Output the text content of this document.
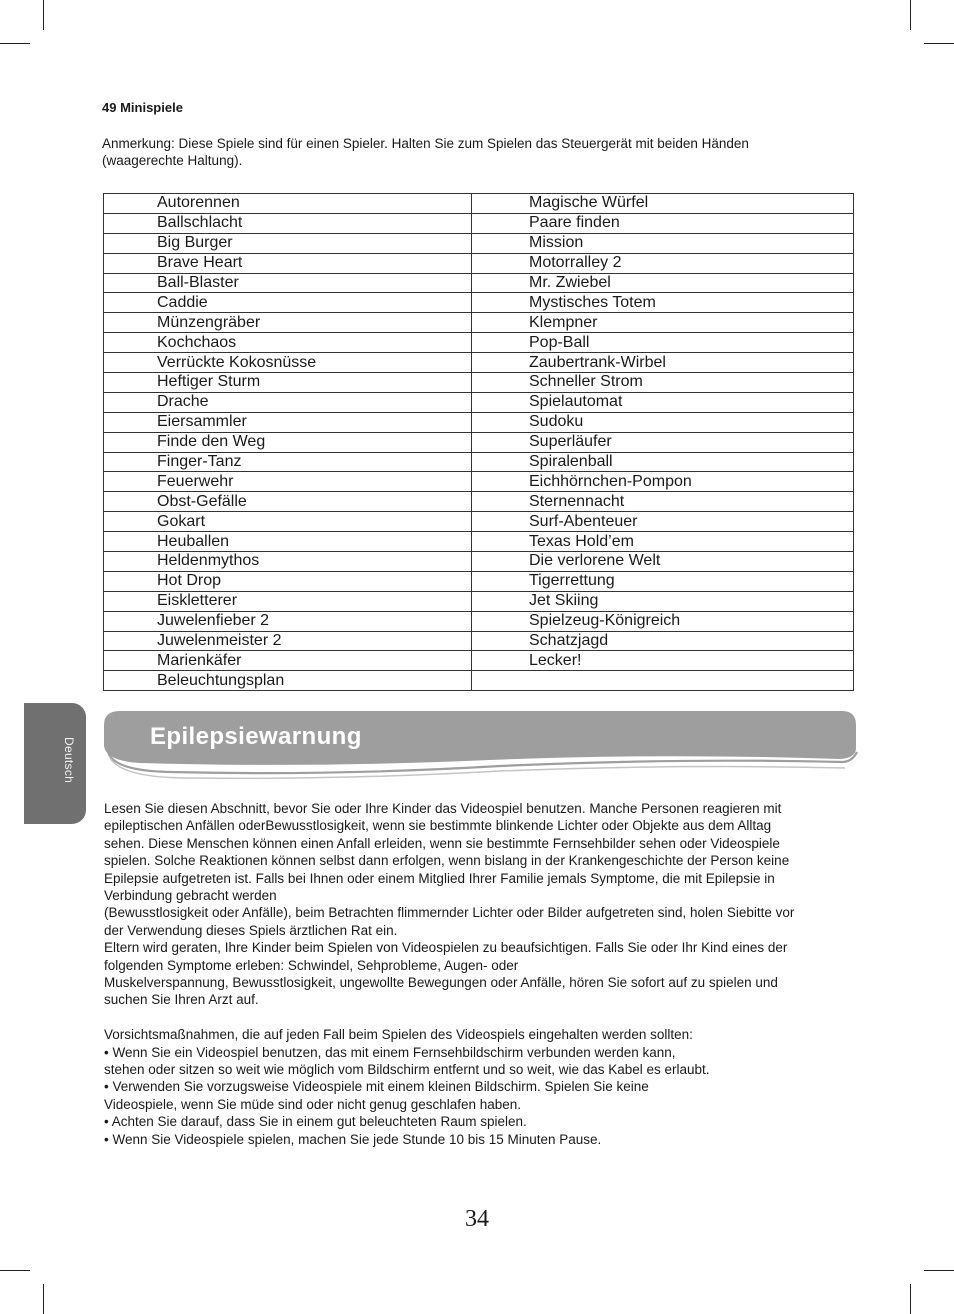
49 Minispiele
Anmerkung: Diese Spiele sind für einen Spieler. Halten Sie zum Spielen das Steuergerät mit beiden Händen (waagerechte Haltung).
Autorennen	Magische Würfel
Ballschlacht	Paare finden
Big Burger	Mission
Brave Heart	Motorralley 2
Ball-Blaster	Mr. Zwiebel
Caddie	Mystisches Totem
Münzengräber	Klempner
Kochchaos	Pop-Ball
Verrückte Kokosnüsse	Zaubertrank-Wirbel
Heftiger Sturm	Schneller Strom
Drache	Spielautomat
Eiersammler	Sudoku
Finde den Weg	Superläufer
Finger-Tanz	Spiralenball
Feuerwehr	Eichhörnchen-Pompon
Obst-Gefälle	Sternennacht
Gokart	Surf-Abenteuer
Heuballen	Texas Hold’em
Heldenmythos	Die verlorene Welt
Hot Drop	Tigerrettung
Eiskletterer	Jet Skiing
Juwelenfieber 2	Spielzeug-Königreich
Juwelenmeister 2	Schatzjagd
Marienkäfer	Lecker!
Beleuchtungsplan	
Deutsch
Epilepsiewarnung

Lesen Sie diesen Abschnitt, bevor Sie oder Ihre Kinder das Videospiel benutzen. Manche Personen reagieren mit

epileptischen Anfällen oderBewusstlosigkeit, wenn sie bestimmte blinkende Lichter oder Objekte aus dem Alltag

sehen. Diese Menschen können einen Anfall erleiden, wenn sie bestimmte Fernsehbilder sehen oder Videospiele

spielen. Solche Reaktionen können selbst dann erfolgen, wenn bislang in der Krankengeschichte der Person keine

Epilepsie aufgetreten ist. Falls bei Ihnen oder einem Mitglied Ihrer Familie jemals Symptome, die mit Epilepsie in

Verbindung gebracht werden

(Bewusstlosigkeit oder Anfälle), beim Betrachten flimmernder Lichter oder Bilder aufgetreten sind, holen Siebitte vor

der Verwendung dieses Spiels ärztlichen Rat ein.

Eltern wird geraten, Ihre Kinder beim Spielen von Videospielen zu beaufsichtigen. Falls Sie oder Ihr Kind eines der

folgenden Symptome erleben: Schwindel, Sehprobleme, Augen- oder

Muskelverspannung, Bewusstlosigkeit, ungewollte Bewegungen oder Anfälle, hören Sie sofort auf zu spielen und

suchen Sie Ihren Arzt auf.

Vorsichtsmaßnahmen, die auf jeden Fall beim Spielen des Videospiels eingehalten werden sollten:

• Wenn Sie ein Videospiel benutzen, das mit einem Fernsehbildschirm verbunden werden kann,

stehen oder sitzen so weit wie möglich vom Bildschirm entfernt und so weit, wie das Kabel es erlaubt.

• Verwenden Sie vorzugsweise Videospiele mit einem kleinen Bildschirm. Spielen Sie keine

Videospiele, wenn Sie müde sind oder nicht genug geschlafen haben.

• Achten Sie darauf, dass Sie in einem gut beleuchteten Raum spielen.

• Wenn Sie Videospiele spielen, machen Sie jede Stunde 10 bis 15 Minuten Pause.

34
